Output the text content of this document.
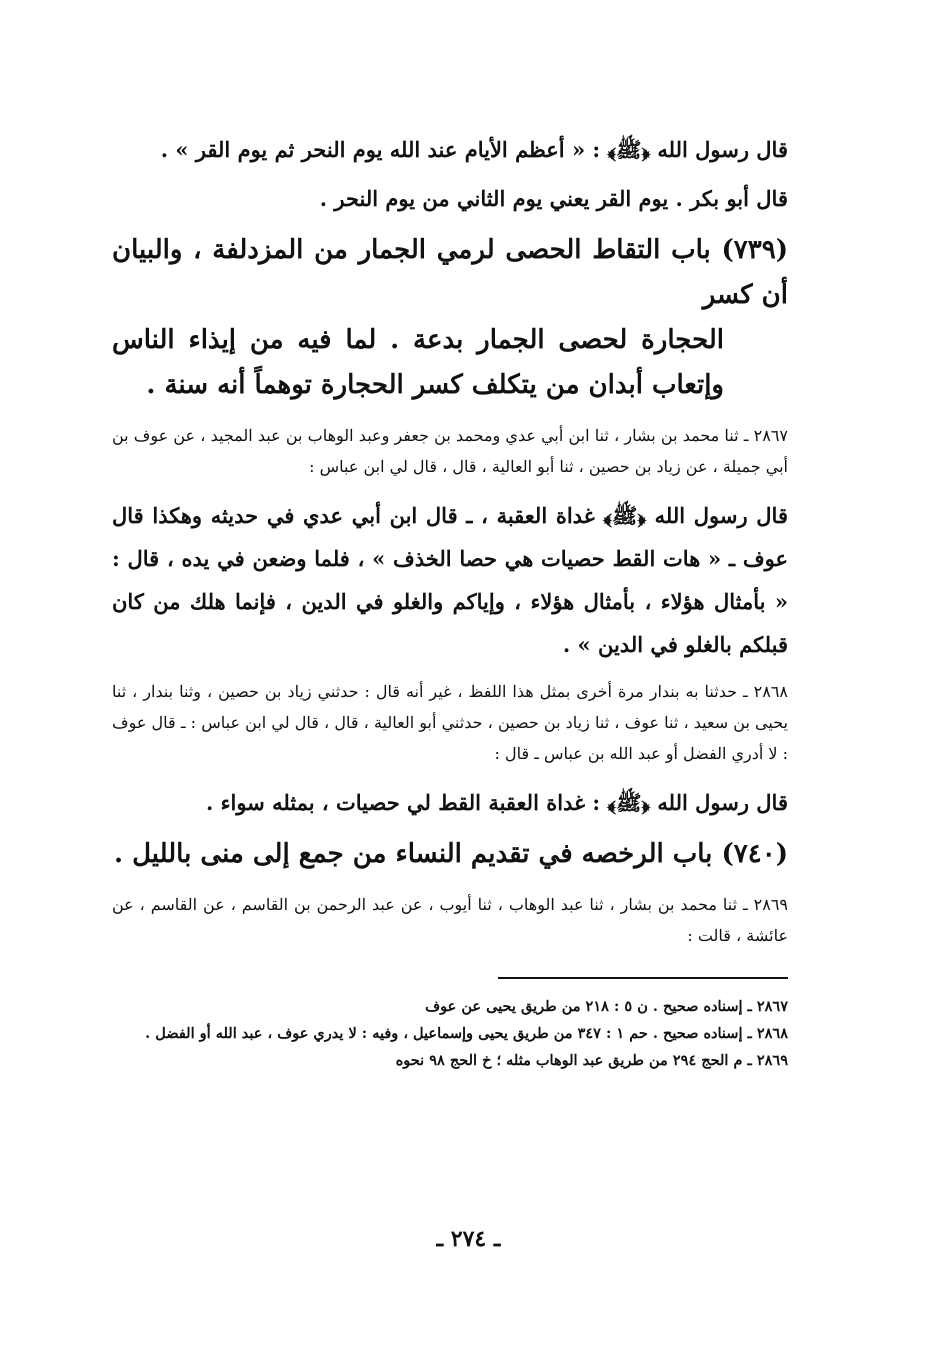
قال رسول الله ﴿ﷺ﴾ : « أعظم الأيام عند الله يوم النحر ثم يوم القر » .

قال أبو بكر . يوم القر يعني يوم الثاني من يوم النحر .

(٧٣٩) باب التقاط الحصى لرمي الجمار من المزدلفة ، والبيان أن كسر
الحجارة لحصى الجمار بدعة . لما فيه من إيذاء الناس وإتعاب أبدان من يتكلف كسر الحجارة توهماً أنه سنة .

٢٨٦٧ ـ ثنا محمد بن بشار ، ثنا ابن أبي عدي ومحمد بن جعفر وعبد الوهاب بن عبد المجيد ، عن عوف بن أبي جميلة ، عن زياد بن حصين ، ثنا أبو العالية ، قال ، قال لي ابن عباس :

قال رسول الله ﴿ﷺ﴾ غداة العقبة ، ـ قال ابن أبي عدي في حديثه وهكذا قال عوف ـ « هات القط حصيات هي حصا الخذف » ، فلما وضعن في يده ، قال : « بأمثال هؤلاء ، بأمثال هؤلاء ، وإياكم والغلو في الدين ، فإنما هلك من كان قبلكم بالغلو في الدين » .

٢٨٦٨ ـ حدثنا به بندار مرة أخرى بمثل هذا اللفظ ، غير أنه قال : حدثني زياد بن حصين ، وثنا بندار ، ثنا يحيى بن سعيد ، ثنا عوف ، ثنا زياد بن حصين ، حدثني أبو العالية ، قال ، قال لي ابن عباس : ـ قال عوف : لا أدري الفضل أو عبد الله بن عباس ـ قال :

قال رسول الله ﴿ﷺ﴾ : غداة العقبة القط لي حصيات ، بمثله سواء .

(٧٤٠) باب الرخصه في تقديم النساء من جمع إلى منى بالليل .

٢٨٦٩ ـ ثنا محمد بن بشار ، ثنا عبد الوهاب ، ثنا أيوب ، عن عبد الرحمن بن القاسم ، عن القاسم ، عن عائشة ، قالت :

٢٨٦٧ ـ إسناده صحيح . ن ٥ : ٢١٨ من طريق يحيى عن عوف

٢٨٦٨ ـ إسناده صحيح . حم ١ : ٣٤٧ من طريق يحيى وإسماعيل ، وفيه : لا يدري عوف ، عبد الله أو الفضل .

٢٨٦٩ ـ م الحج ٢٩٤ من طريق عبد الوهاب مثله ؛ خ الحج ٩٨ نحوه

ـ ٢٧٤ ـ
